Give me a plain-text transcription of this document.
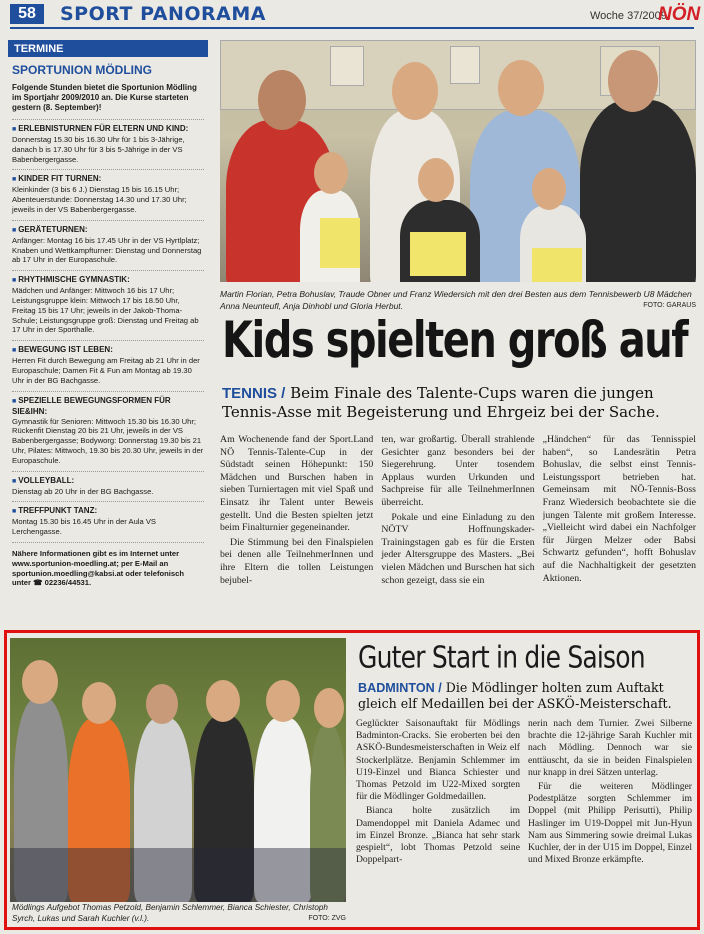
58	SPORT PANORAMA	Woche 37/2009
NÖN
TERMINE
SPORTUNION MÖDLING
Folgende Stunden bietet die Sportunion Mödling im Sportjahr 2009/2010 an. Die Kurse starteten gestern (8. September)!
■ ERLEBNISTURNEN FÜR ELTERN UND KIND:
Donnerstag 15.30 bis 16.30 Uhr für 1 bis 3-Jährige, danach b is 17.30 Uhr für 3 bis 5-Jährige in der VS Babenbergergasse.
■ KINDER FIT TURNEN:
Kleinkinder (3 bis 6 J.) Dienstag 15 bis 16.15 Uhr; Abenteuerstunde: Donnerstag 14.30 und 17.30 Uhr; jeweils in der VS Babenbergergasse.
■ GERÄTETURNEN:
Anfänger: Montag 16 bis 17.45 Uhr in der VS Hyrtlplatz; Knaben und Wettkampfturner: Dienstag und Donnerstag ab 17 Uhr in der Europaschule.
■ RHYTHMISCHE GYMNASTIK:
Mädchen und Anfänger: Mittwoch 16 bis 17 Uhr; Leistungsgruppe klein: Mittwoch 17 bis 18.50 Uhr, Freitag 15 bis 17 Uhr; jeweils in der Jakob-Thoma-Schule; Leistungsgruppe groß: Dienstag und Freitag ab 17 Uhr in der Sporthalle.
■ BEWEGUNG IST LEBEN:
Herren Fit durch Bewegung am Freitag ab 21 Uhr in der Europaschule; Damen Fit & Fun am Montag ab 19.30 Uhr in der BG Bachgasse.
■ SPEZIELLE BEWEGUNGSFORMEN FÜR SIE&IHN:
Gymnastik für Senioren: Mittwoch 15.30 bis 16.30 Uhr; Rückenfit Dienstag 20 bis 21 Uhr, jeweils in der VS Babenbergergasse; Bodyworg: Donnerstag 19.30 bis 21 Uhr, Pilates: Mittwoch, 19.30 bis 20.30 Uhr, jeweils in der Europaschule.
■ VOLLEYBALL:
Dienstag ab 20 Uhr in der BG Bachgasse.
■ TREFFPUNKT TANZ:
Montag 15.30 bis 16.45 Uhr in der Aula VS Lerchengasse.
Nähere Informationen gibt es im Internet unter www.sportunion-moedling.at; per E-Mail an sportunion.moedling@kabsi.at oder telefonisch unter ☎ 02236/44531.
Martin Florian, Petra Bohuslav, Traude Obner und Franz Wiedersich mit den drei Besten aus dem Tennisbewerb U8 Mädchen Anna Neunteufl, Anja Dinhobl und Gloria Herbut.	FOTO: GARAUS
Kids spielten groß auf
TENNIS / Beim Finale des Talente-Cups waren die jungen Tennis-Asse mit Begeisterung und Ehrgeiz bei der Sache.

Am Wochenende fand der Sport.Land NÖ Tennis-Talente-Cup in der Südstadt seinen Höhepunkt: 150 Mädchen und Burschen haben in sieben Turniertagen mit viel Spaß und Einsatz ihr Talent unter Beweis gestellt. Und die Besten spielten jetzt beim Finalturnier gegeneinander.

Die Stimmung bei den Finalspielen bei denen alle TeilnehmerInnen und ihre Eltern die tollen Leistungen bejubel-

ten, war großartig. Überall strahlende Gesichter ganz besonders bei der Siegerehrung. Unter tosendem Applaus wurden Urkunden und Sachpreise für alle TeilnehmerInnen überreicht.

Pokale und eine Einladung zu den NÖTV Hoffnungskader-Trainingstagen gab es für die Ersten jeder Altersgruppe des Masters. „Bei vielen Mädchen und Burschen hat sich schon gezeigt, dass sie ein

„Händchen“ für das Tennisspiel haben“, so Landesrätin Petra Bohuslav, die selbst einst Tennis-Leistungssport betrieben hat. Gemeinsam mit NÖ-Tennis-Boss Franz Wiedersich beobachtete sie die jungen Talente mit großem Interesse. „Vielleicht wird dabei ein Nachfolger für Jürgen Melzer oder Babsi Schwartz gefunden“, hofft Bohuslav auf die Nachhaltigkeit der gesetzten Aktionen.

Mödlings Aufgebot Thomas Petzold, Benjamin Schlemmer, Bianca Schiester, Christoph Syrch, Lukas und Sarah Kuchler (v.l.).	FOTO: ZVG
Guter Start in die Saison
BADMINTON / Die Mödlinger holten zum Auftakt gleich elf Medaillen bei der ASKÖ-Meisterschaft.

Geglückter Saisonauftakt für Mödlings Badminton-Cracks. Sie eroberten bei den ASKÖ-Bundesmeisterschaften in Weiz elf Stockerlplätze. Benjamin Schlemmer im U19-Einzel und Bianca Schiester und Thomas Petzold im U22-Mixed sorgten für die Mödlinger Goldmedaillen.

Bianca holte zusätzlich im Damendoppel mit Daniela Adamec und im Einzel Bronze. „Bianca hat sehr stark gespielt“, lobt Thomas Petzold seine Doppelpart-

nerin nach dem Turnier. Zwei Silberne brachte die 12-jährige Sarah Kuchler mit nach Mödling. Dennoch war sie enttäuscht, da sie in beiden Finalspielen nur knapp in drei Sätzen unterlag.

Für die weiteren Mödlinger Podestplätze sorgten Schlemmer im Doppel (mit Philipp Perisutti), Philip Haslinger im U19-Doppel mit Jun-Hyun Nam aus Simmering sowie dreimal Lukas Kuchler, der in der U15 im Doppel, Einzel und Mixed Bronze erkämpfte.
